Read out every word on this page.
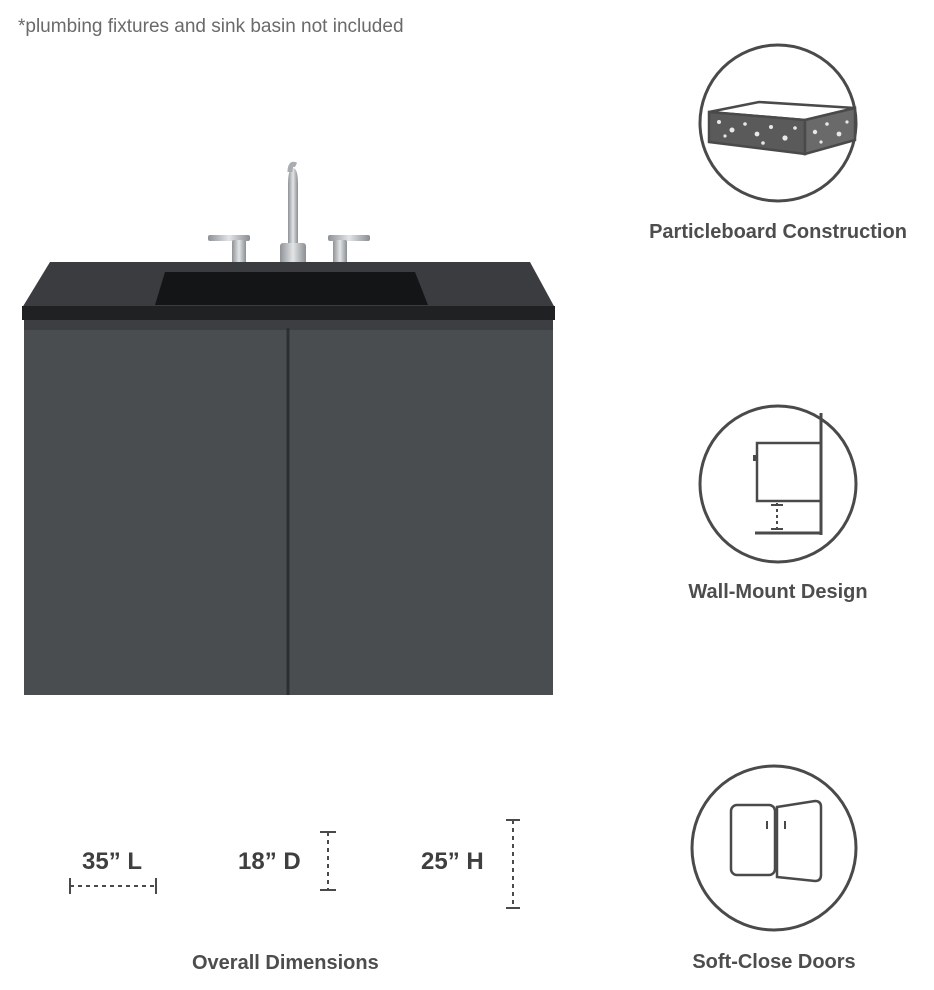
*plumbing fixtures and sink basin not included
Particleboard Construction
Wall-Mount Design
Soft-Close Doors
35” L	18” D	25” H
Overall Dimensions
